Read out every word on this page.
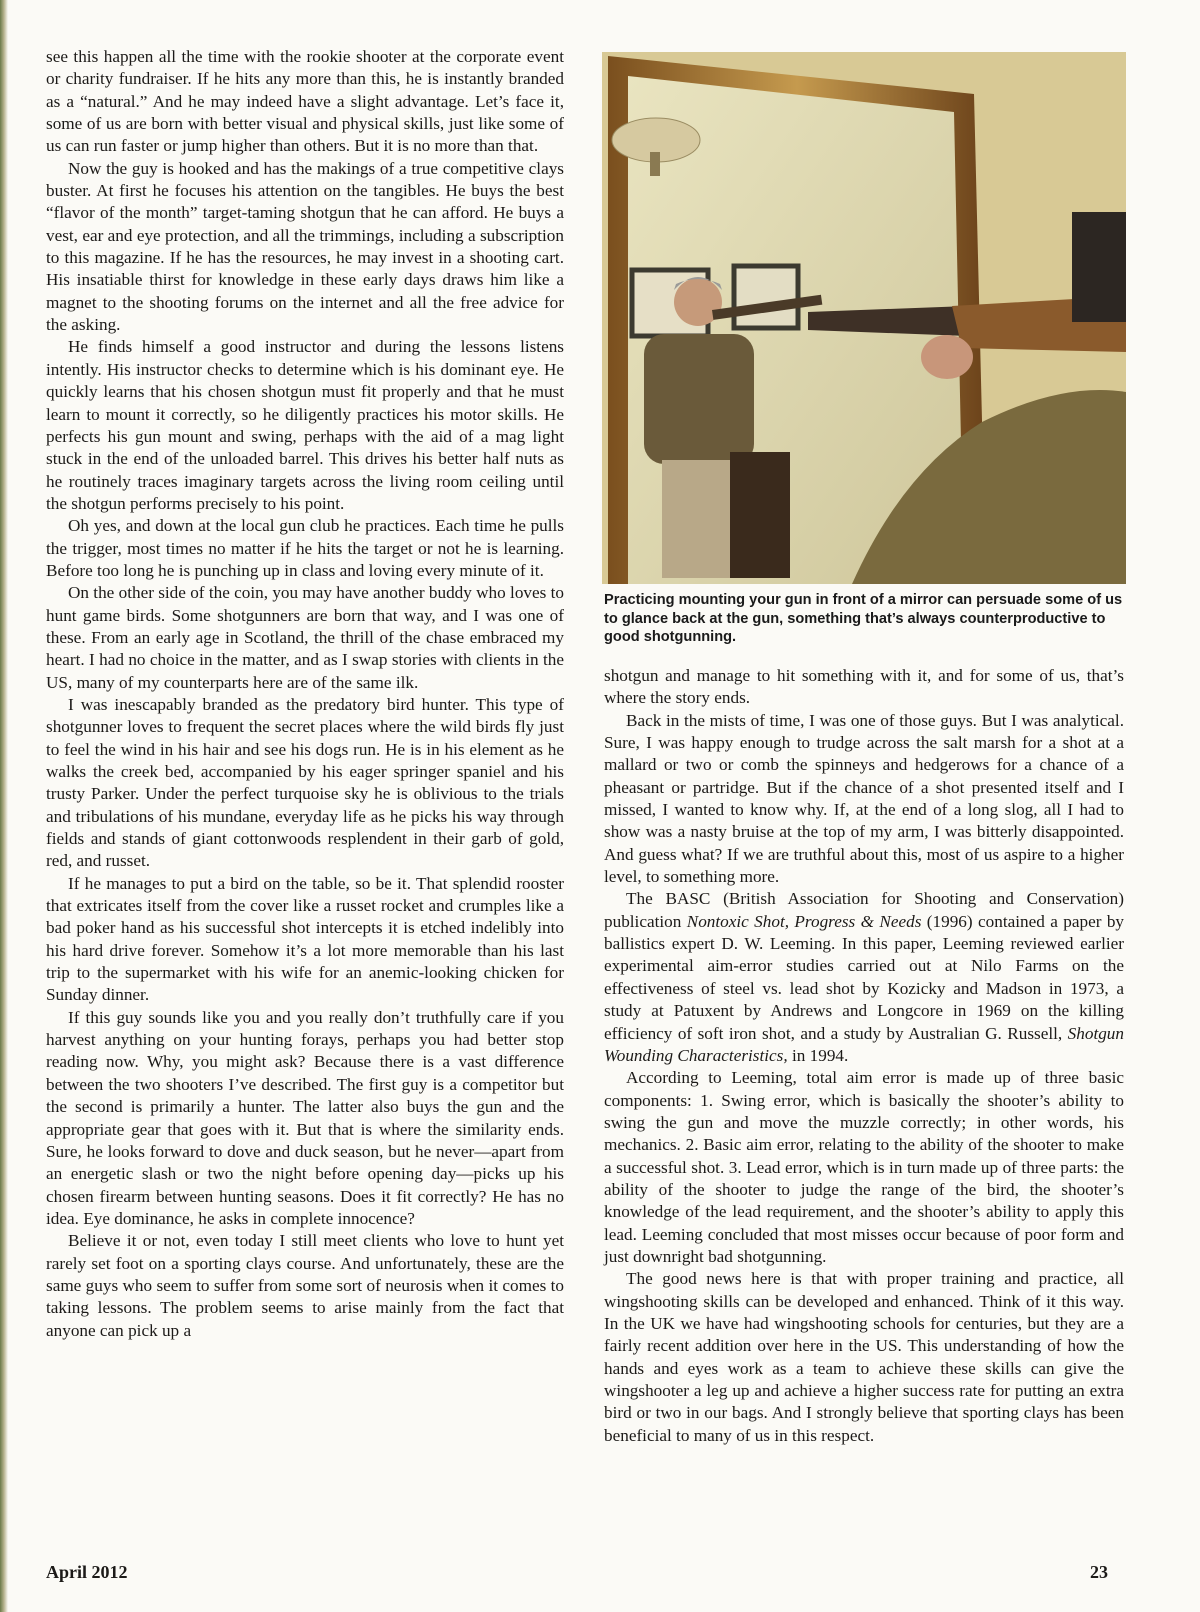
see this happen all the time with the rookie shooter at the corporate event or charity fundraiser. If he hits any more than this, he is instantly branded as a “natural.” And he may indeed have a slight advantage. Let’s face it, some of us are born with better visual and physical skills, just like some of us can run faster or jump higher than others. But it is no more than that.

Now the guy is hooked and has the makings of a true competitive clays buster. At first he focuses his attention on the tangibles. He buys the best “flavor of the month” target-taming shotgun that he can afford. He buys a vest, ear and eye protection, and all the trimmings, including a subscription to this magazine. If he has the resources, he may invest in a shooting cart. His insatiable thirst for knowledge in these early days draws him like a magnet to the shooting forums on the internet and all the free advice for the asking.

He finds himself a good instructor and during the lessons listens intently. His instructor checks to determine which is his dominant eye. He quickly learns that his chosen shotgun must fit properly and that he must learn to mount it correctly, so he diligently practices his motor skills. He perfects his gun mount and swing, perhaps with the aid of a mag light stuck in the end of the unloaded barrel. This drives his better half nuts as he routinely traces imaginary targets across the living room ceiling until the shotgun performs precisely to his point.

Oh yes, and down at the local gun club he practices. Each time he pulls the trigger, most times no matter if he hits the target or not he is learning. Before too long he is punching up in class and loving every minute of it.

On the other side of the coin, you may have another buddy who loves to hunt game birds. Some shotgunners are born that way, and I was one of these. From an early age in Scotland, the thrill of the chase embraced my heart. I had no choice in the matter, and as I swap stories with clients in the US, many of my counterparts here are of the same ilk.

I was inescapably branded as the predatory bird hunter. This type of shotgunner loves to frequent the secret places where the wild birds fly just to feel the wind in his hair and see his dogs run. He is in his element as he walks the creek bed, accompanied by his eager springer spaniel and his trusty Parker. Under the perfect turquoise sky he is oblivious to the trials and tribulations of his mundane, everyday life as he picks his way through fields and stands of giant cottonwoods resplendent in their garb of gold, red, and russet.

If he manages to put a bird on the table, so be it. That splendid rooster that extricates itself from the cover like a russet rocket and crumples like a bad poker hand as his successful shot intercepts it is etched indelibly into his hard drive forever. Somehow it’s a lot more memorable than his last trip to the supermarket with his wife for an anemic-looking chicken for Sunday dinner.

If this guy sounds like you and you really don’t truthfully care if you harvest anything on your hunting forays, perhaps you had better stop reading now. Why, you might ask? Because there is a vast difference between the two shooters I’ve described. The first guy is a competitor but the second is primarily a hunter. The latter also buys the gun and the appropriate gear that goes with it. But that is where the similarity ends. Sure, he looks forward to dove and duck season, but he never—apart from an energetic slash or two the night before opening day—picks up his chosen firearm between hunting seasons. Does it fit correctly? He has no idea. Eye dominance, he asks in complete innocence?

Believe it or not, even today I still meet clients who love to hunt yet rarely set foot on a sporting clays course. And unfortunately, these are the same guys who seem to suffer from some sort of neurosis when it comes to taking lessons. The problem seems to arise mainly from the fact that anyone can pick up a

Practicing mounting your gun in front of a mirror can persuade some of us to glance back at the gun, something that’s always counterproductive to good shotgunning.

shotgun and manage to hit something with it, and for some of us, that’s where the story ends.

Back in the mists of time, I was one of those guys. But I was analytical. Sure, I was happy enough to trudge across the salt marsh for a shot at a mallard or two or comb the spinneys and hedgerows for a chance of a pheasant or partridge. But if the chance of a shot presented itself and I missed, I wanted to know why. If, at the end of a long slog, all I had to show was a nasty bruise at the top of my arm, I was bitterly disappointed. And guess what? If we are truthful about this, most of us aspire to a higher level, to something more.

The BASC (British Association for Shooting and Conservation) publication Nontoxic Shot, Progress & Needs (1996) contained a paper by ballistics expert D. W. Leeming. In this paper, Leeming reviewed earlier experimental aim-error studies carried out at Nilo Farms on the effectiveness of steel vs. lead shot by Kozicky and Madson in 1973, a study at Patuxent by Andrews and Longcore in 1969 on the killing efficiency of soft iron shot, and a study by Australian G. Russell, Shotgun Wounding Characteristics, in 1994.

According to Leeming, total aim error is made up of three basic components: 1. Swing error, which is basically the shooter’s ability to swing the gun and move the muzzle correctly; in other words, his mechanics. 2. Basic aim error, relating to the ability of the shooter to make a successful shot. 3. Lead error, which is in turn made up of three parts: the ability of the shooter to judge the range of the bird, the shooter’s knowledge of the lead requirement, and the shooter’s ability to apply this lead. Leeming concluded that most misses occur because of poor form and just downright bad shotgunning.

The good news here is that with proper training and practice, all wingshooting skills can be developed and enhanced. Think of it this way. In the UK we have had wingshooting schools for centuries, but they are a fairly recent addition over here in the US. This understanding of how the hands and eyes work as a team to achieve these skills can give the wingshooter a leg up and achieve a higher success rate for putting an extra bird or two in our bags. And I strongly believe that sporting clays has been beneficial to many of us in this respect.

April 2012	23
